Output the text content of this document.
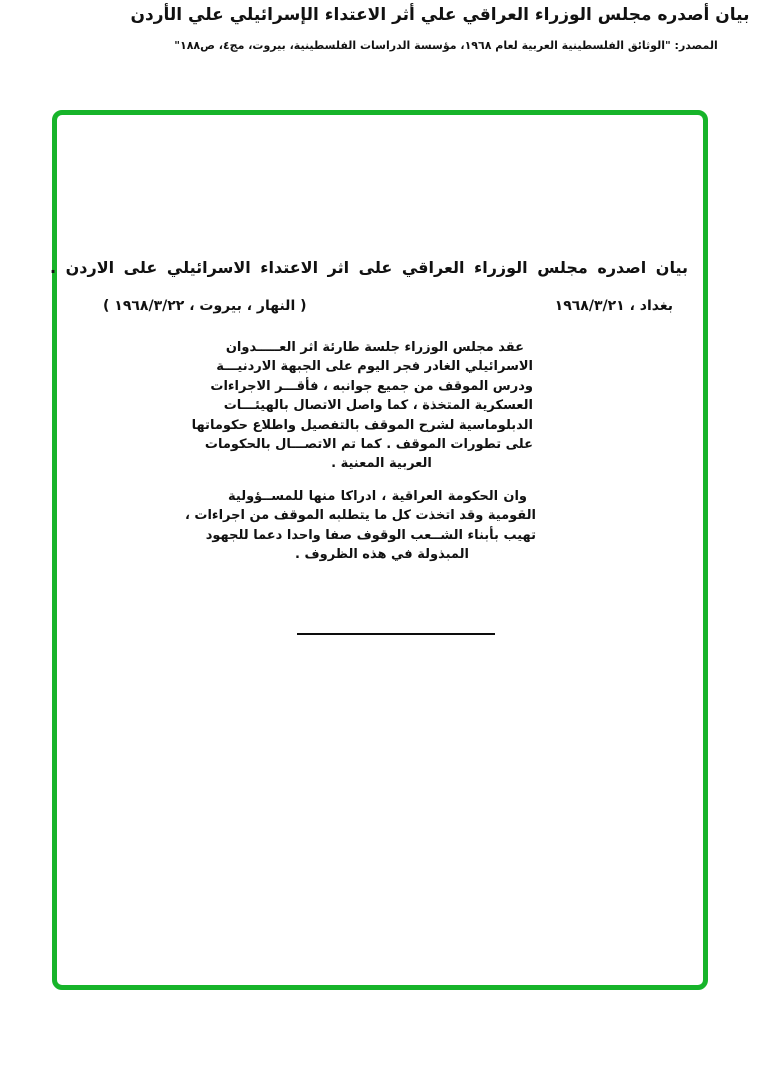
بيان أصدره مجلس الوزراء العراقي علي أثر الاعتداء الإسرائيلي علي الأردن
المصدر: "الوثائق الفلسطينية العربية لعام ١٩٦٨، مؤسسة الدراسات الفلسطينية، بيروت، مج٤، ص١٨٨"
بيان اصدره مجلس الوزراء العراقي على اثر الاعتداء الاسرائيلي على الاردن .
بغداد ، ١٩٦٨/٣/٢١
( النهار ، بيروت ، ١٩٦٨/٣/٢٢ )
عقد مجلس الوزراء جلسة طارئة اثر العـــــدوان
الاسرائيلي الغادر فجر اليوم على الجبهة الاردنيـــة
ودرس الموقف من جميع جوانبه ، فأقـــر الاجراءات
العسكرية المتخذة ، كما واصل الاتصال بالهيئـــات
الدبلوماسية لشرح الموقف بالتفصيل واطلاع حكوماتها
على تطورات الموقف . كما تم الاتصـــال بالحكومات
العربية المعنية .
وان الحكومة العراقية ، ادراكا منها للمســؤولية
القومية وقد اتخذت كل ما يتطلبه الموقف من اجراءات ،
تهيب بأبناء الشــعب الوقوف صفا واحدا دعما للجهود
المبذولة في هذه الظروف .
